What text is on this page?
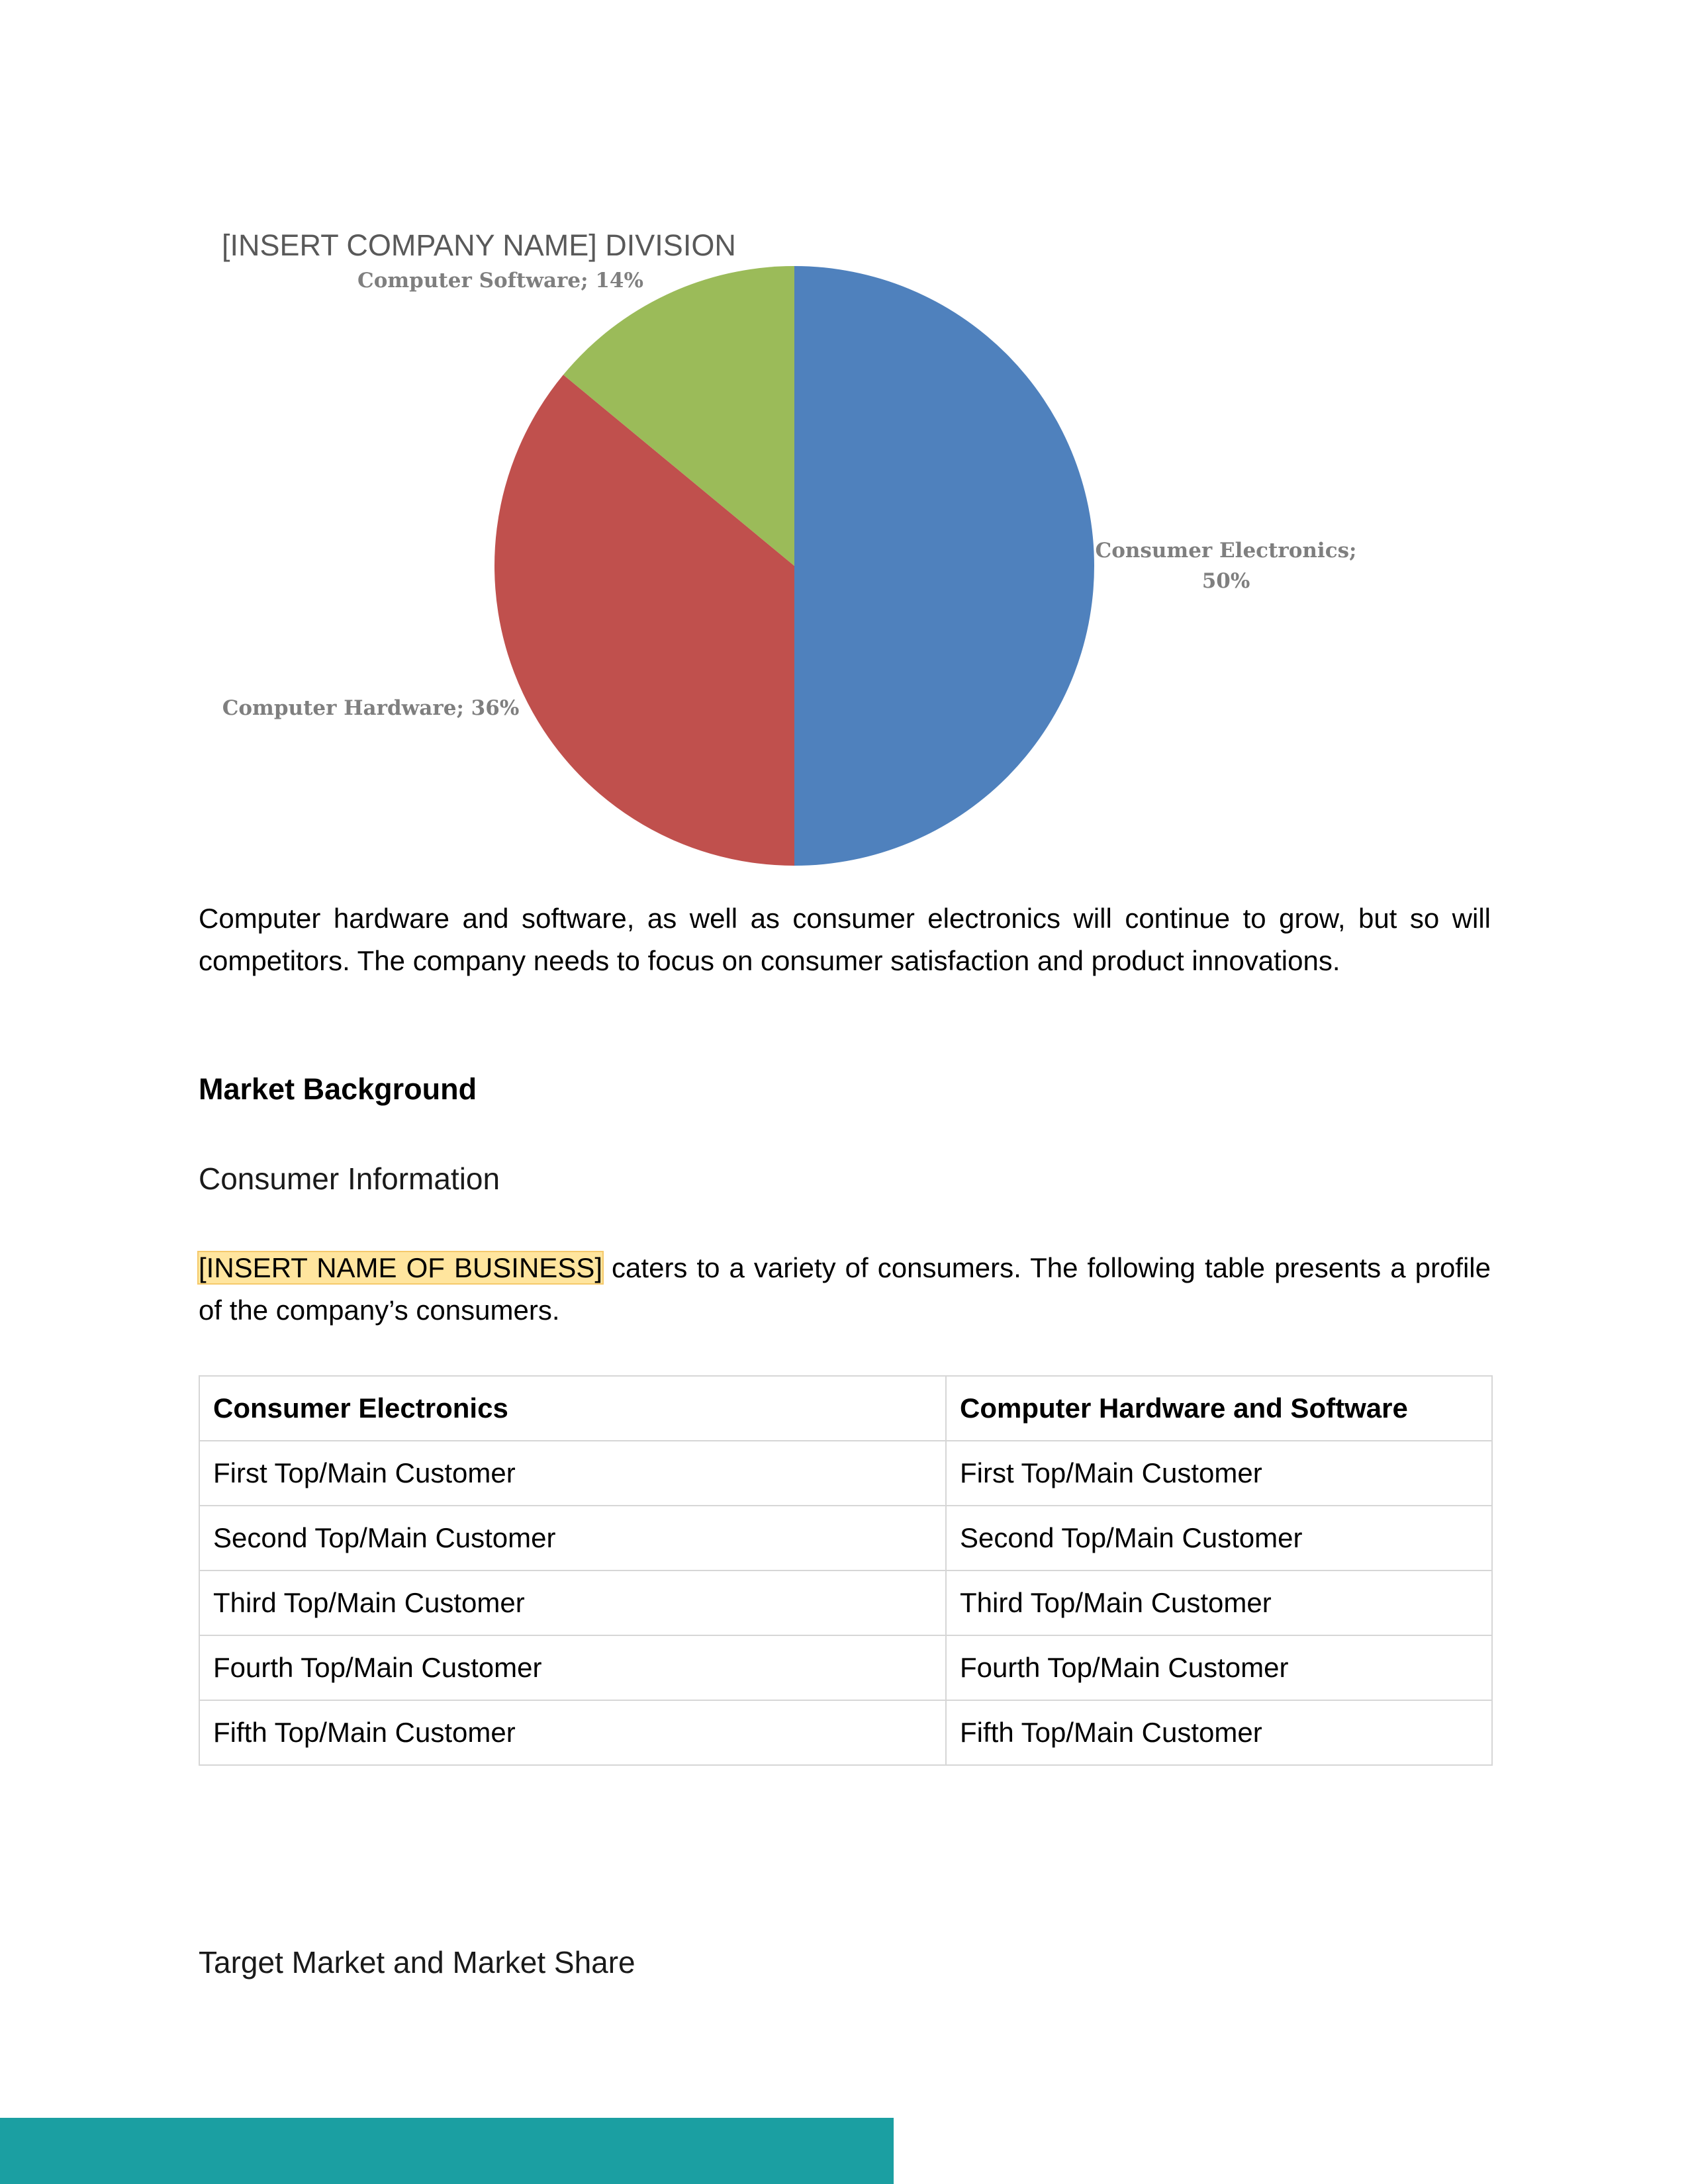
[INSERT COMPANY NAME] DIVISION
Consumer Electronics; 50%
Computer Hardware; 36%
Computer Software; 14%
Computer hardware and software, as well as consumer electronics will continue to grow, but so will competitors. The company needs to focus on consumer satisfaction and product innovations.
Market Background
Consumer Information
[INSERT NAME OF BUSINESS] caters to a variety of consumers. The following table presents a profile of the company’s consumers.
Consumer Electronics	Computer Hardware and Software
First Top/Main Customer	First Top/Main Customer
Second Top/Main Customer	Second Top/Main Customer
Third Top/Main Customer	Third Top/Main Customer
Fourth Top/Main Customer	Fourth Top/Main Customer
Fifth Top/Main Customer	Fifth Top/Main Customer
Target Market and Market Share
